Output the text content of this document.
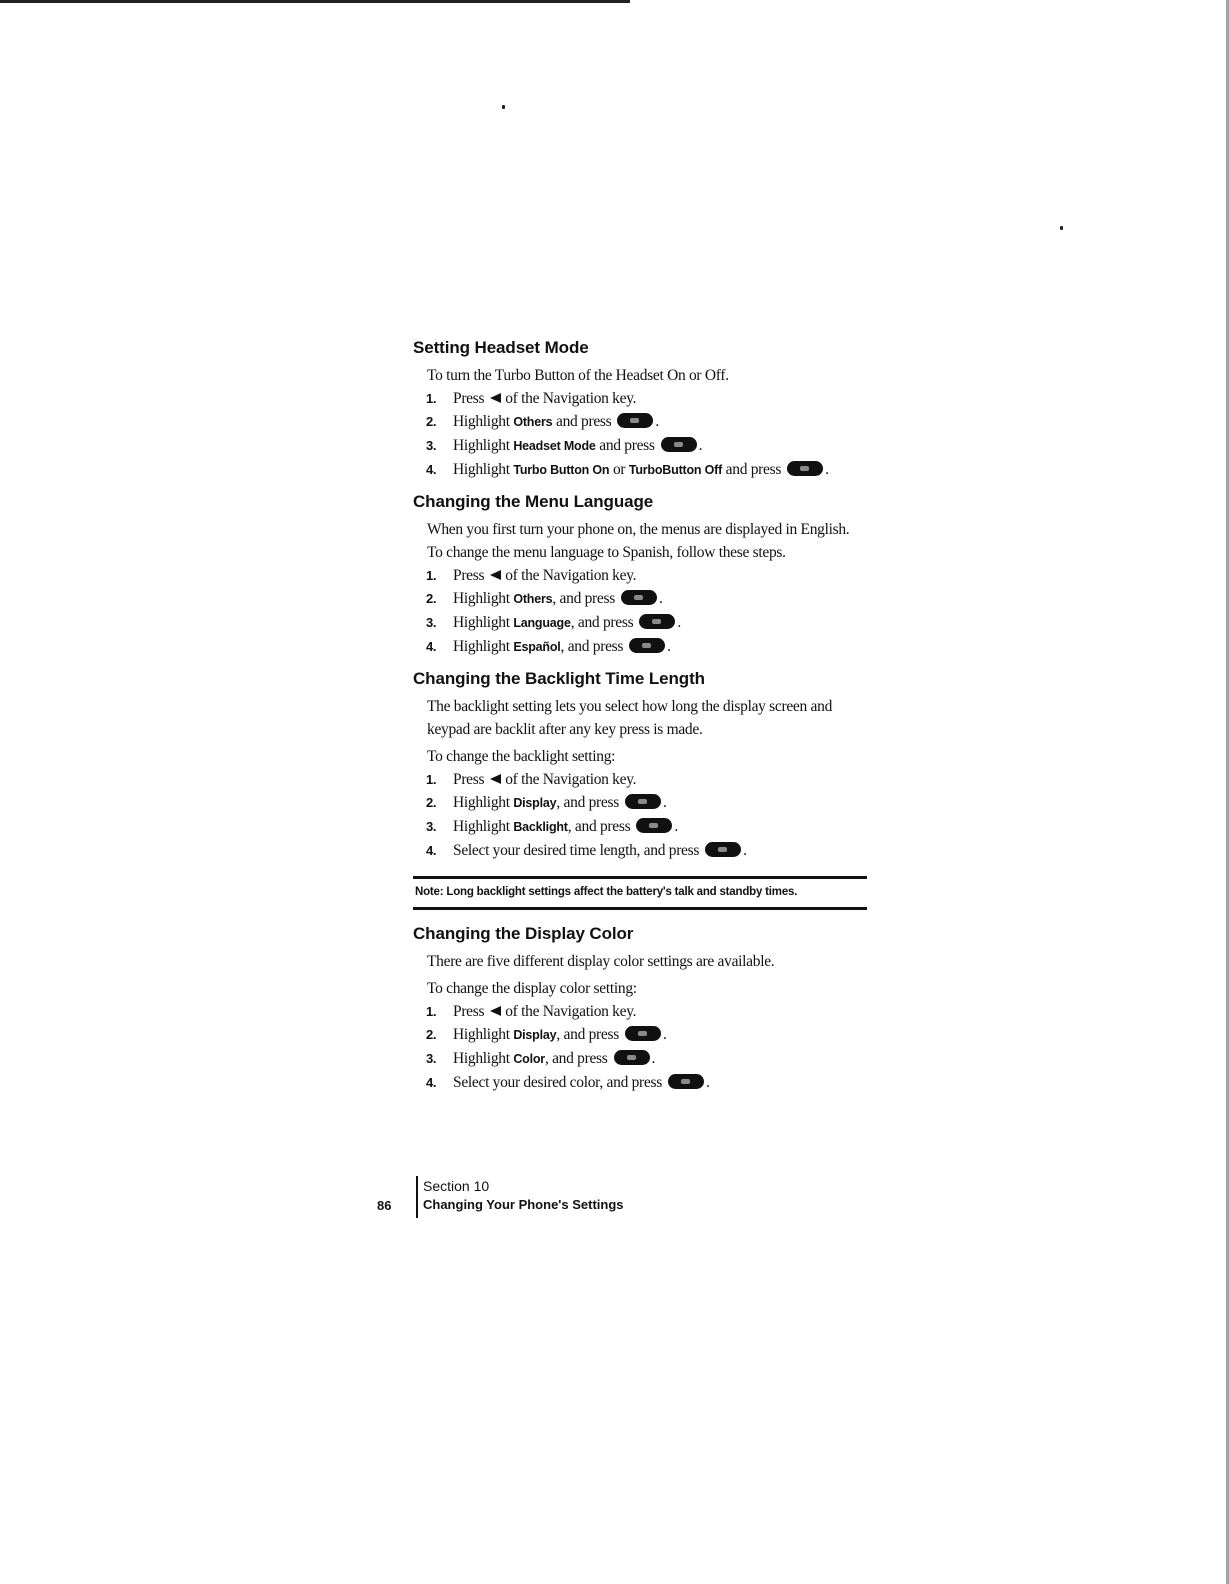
Setting Headset Mode

To turn the Turbo Button of the Headset On or Off.

1. Press of the Navigation key.
2. Highlight Others and press	.
3. Highlight Headset Mode and press	.
4. Highlight Turbo Button On or TurboButton Off and press	.
Changing the Menu Language

When you first turn your phone on, the menus are displayed in English.

To change the menu language to Spanish, follow these steps.

1. Press of the Navigation key.
2. Highlight Others, and press	.
3. Highlight Language, and press	.
4. Highlight Español, and press	.
Changing the Backlight Time Length

The backlight setting lets you select how long the display screen and

keypad are backlit after any key press is made.

To change the backlight setting:

1. Press of the Navigation key.
2. Highlight Display, and press	.
3. Highlight Backlight, and press	.
4. Select your desired time length, and press	.
Note: Long backlight settings affect the battery's talk and standby times.
Changing the Display Color

There are five different display color settings are available.

To change the display color setting:

1. Press of the Navigation key.
2. Highlight Display, and press	.
3. Highlight Color, and press	.
4. Select your desired color, and press	.
86
Section 10
Changing Your Phone's Settings
